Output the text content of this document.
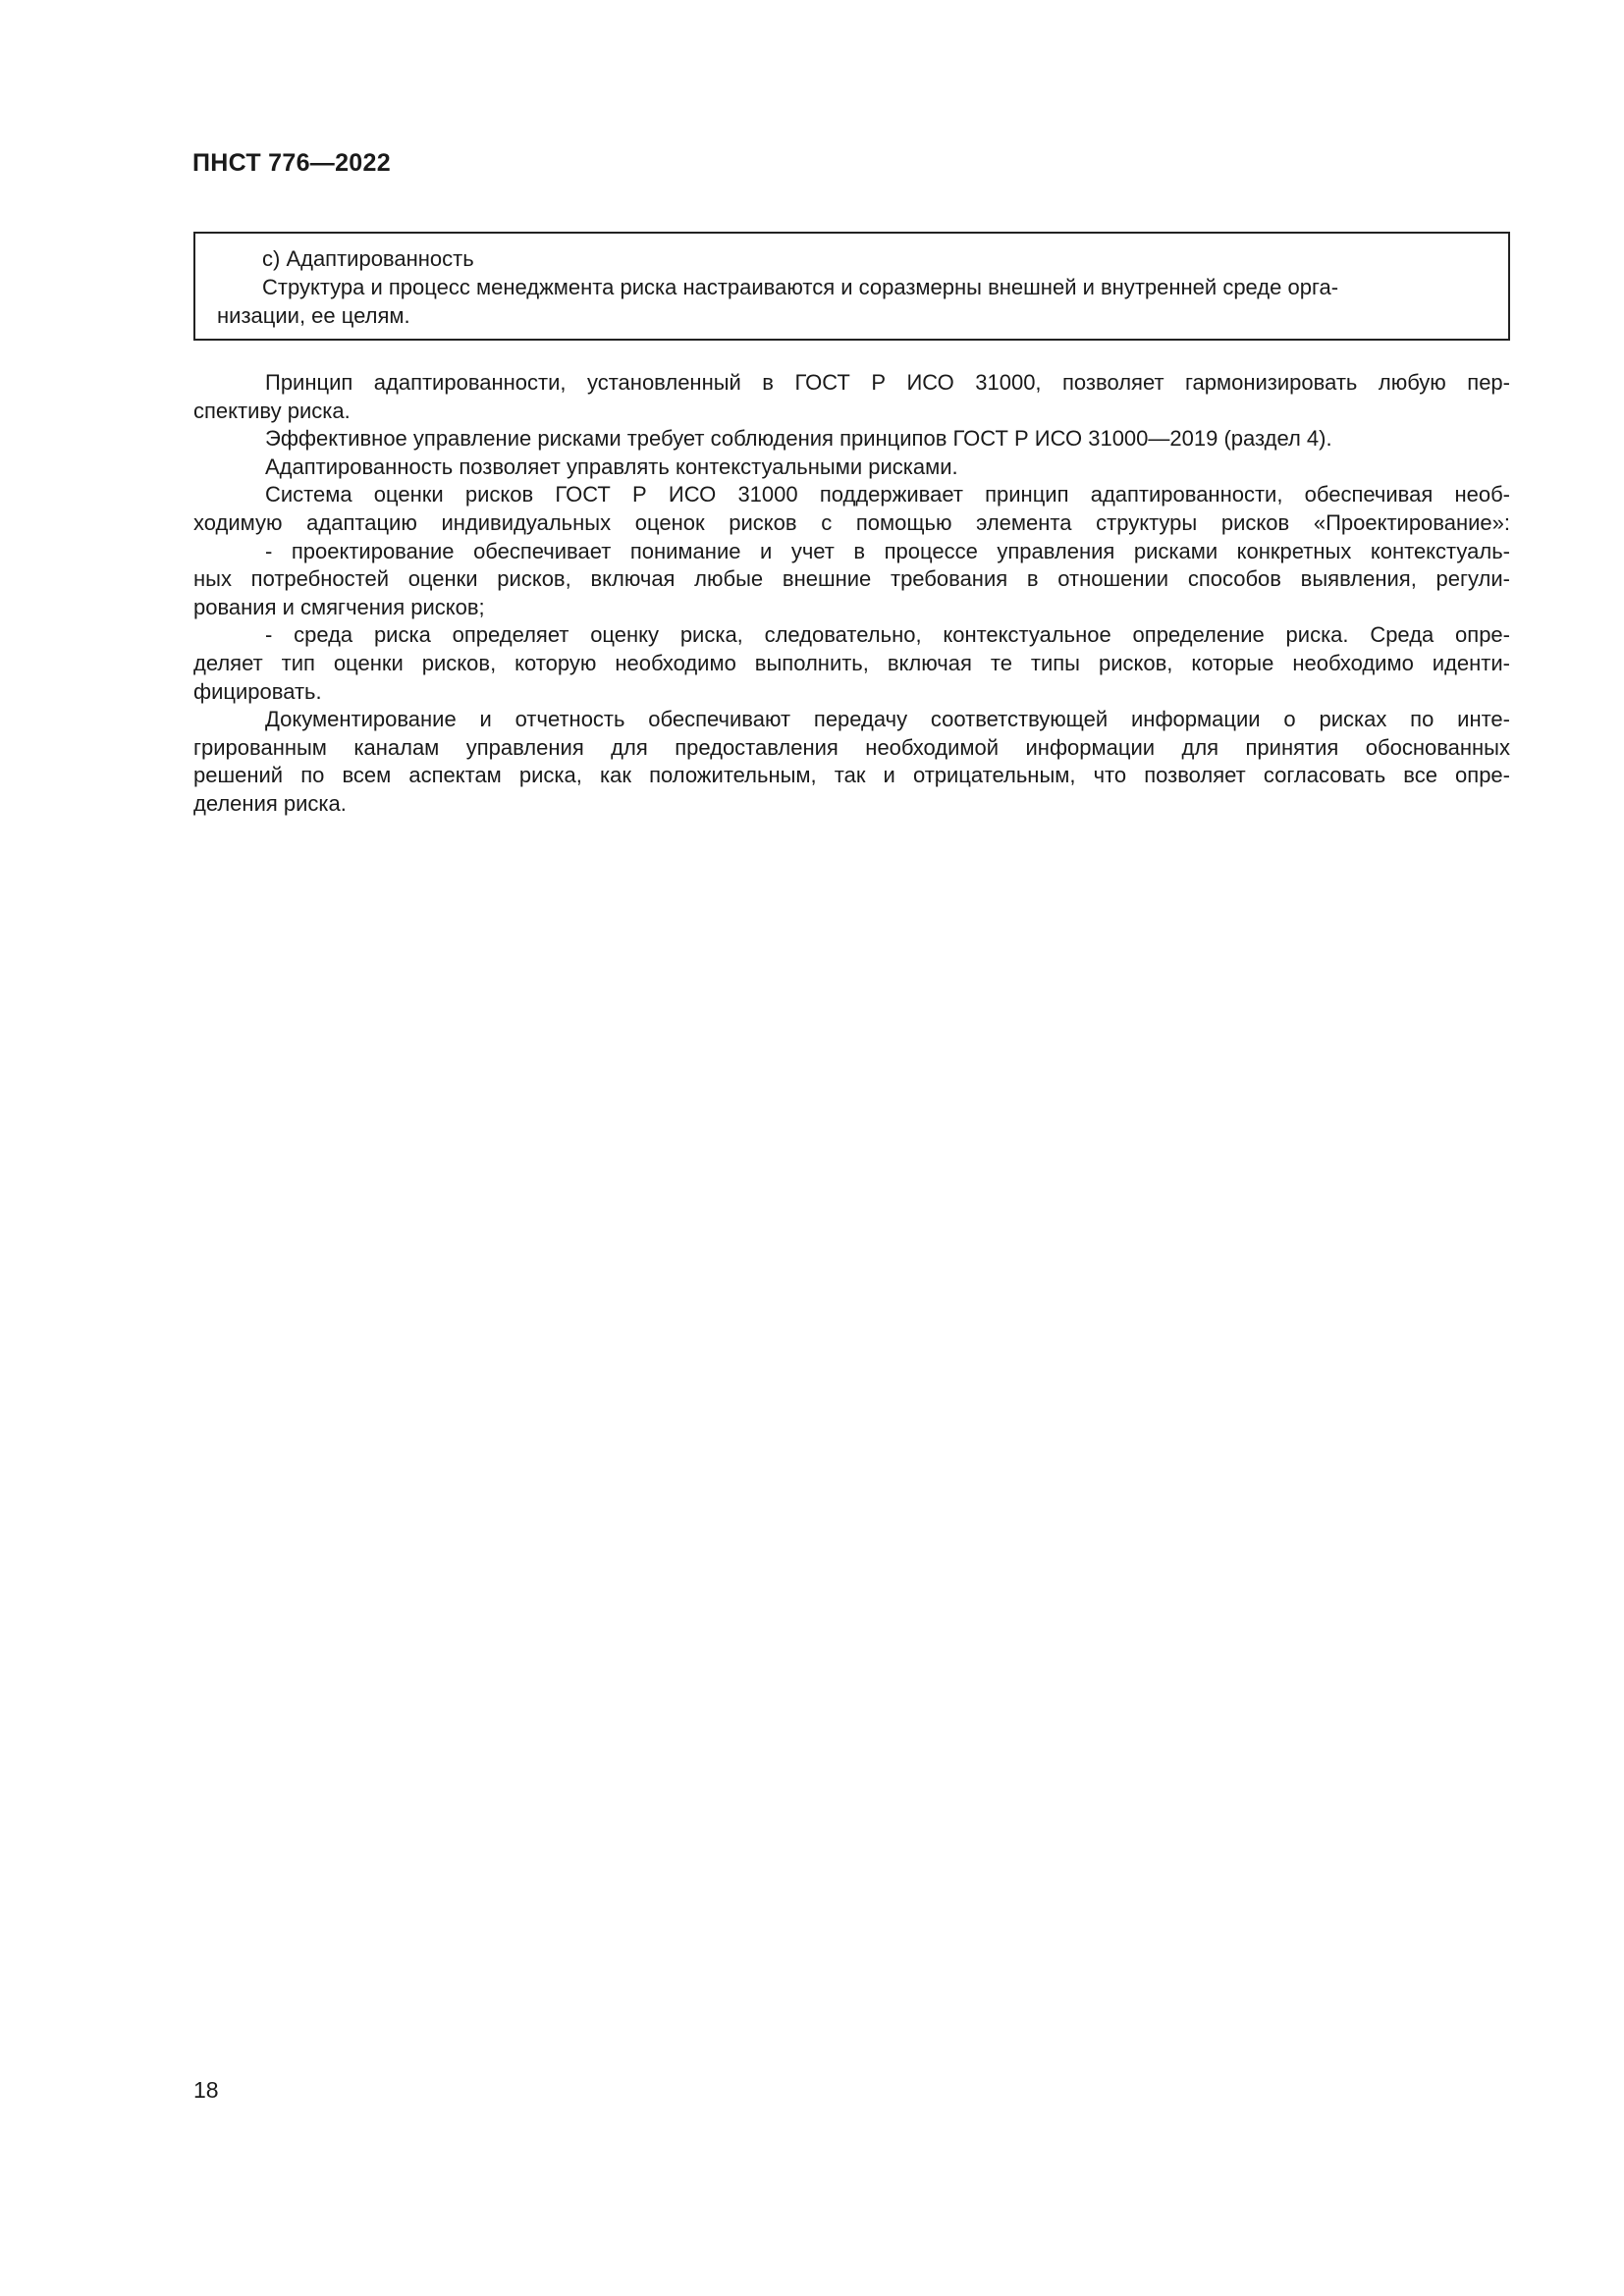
ПНСТ 776—2022
с) Адаптированность
Структура и процесс менеджмента риска настраиваются и соразмерны внешней и внутренней среде орга-
низации, ее целям.
Принцип адаптированности, установленный в ГОСТ Р ИСО 31000, позволяет гармонизировать любую пер-
спективу риска.
Эффективное управление рисками требует соблюдения принципов ГОСТ Р ИСО 31000—2019 (раздел 4).
Адаптированность позволяет управлять контекстуальными рисками.
Система оценки рисков ГОСТ Р ИСО 31000 поддерживает принцип адаптированности, обеспечивая необ-
ходимую адаптацию индивидуальных оценок рисков с помощью элемента структуры рисков «Проектирование»:
- проектирование обеспечивает понимание и учет в процессе управления рисками конкретных контекстуаль-
ных потребностей оценки рисков, включая любые внешние требования в отношении способов выявления, регули-
рования и смягчения рисков;
- среда риска определяет оценку риска, следовательно, контекстуальное определение риска. Среда опре-
деляет тип оценки рисков, которую необходимо выполнить, включая те типы рисков, которые необходимо иденти-
фицировать.
Документирование и отчетность обеспечивают передачу соответствующей информации о рисках по инте-
грированным каналам управления для предоставления необходимой информации для принятия обоснованных
решений по всем аспектам риска, как положительным, так и отрицательным, что позволяет согласовать все опре-
деления риска.
18
